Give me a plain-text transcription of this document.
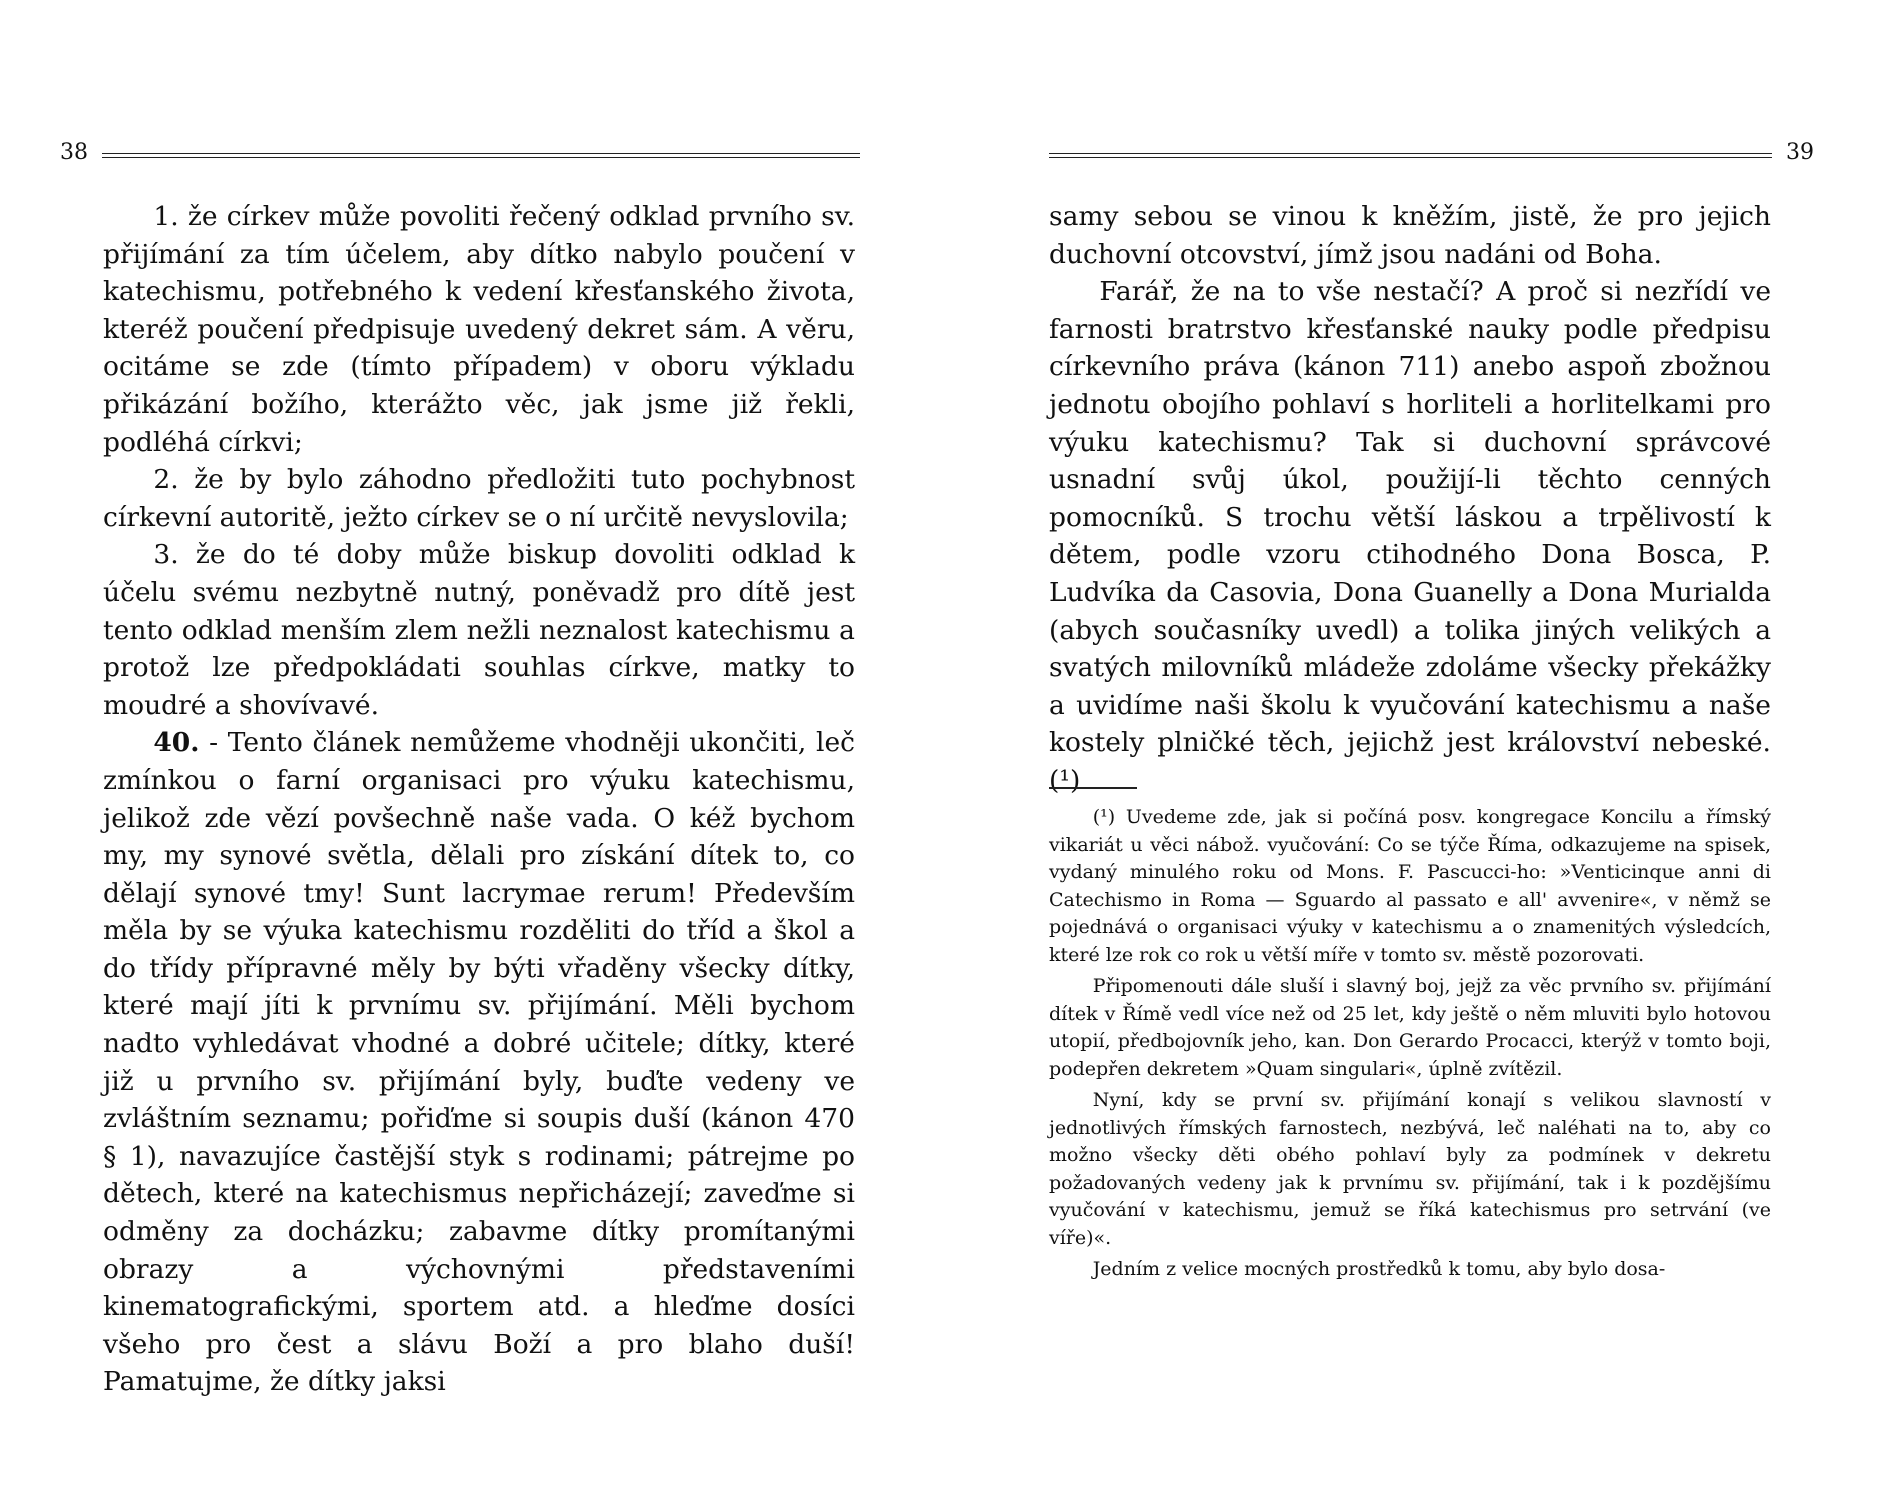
38

1. že církev může povoliti řečený odklad prvního sv. přijímání za tím účelem, aby dítko nabylo poučení v katechismu, potřebného k vedení křesťanského života, kteréž poučení předpisuje uvedený dekret sám. A věru, ocitáme se zde (tímto případem) v oboru výkladu přikázání božího, kterážto věc, jak jsme již řekli, podléhá církvi;

2. že by bylo záhodno předložiti tuto pochybnost církevní autoritě, ježto církev se o ní určitě nevyslovila;

3. že do té doby může biskup dovoliti odklad k účelu svému nezbytně nutný, poněvadž pro dítě jest tento odklad menším zlem nežli neznalost katechismu a protož lze předpokládati souhlas církve, matky to moudré a shovívavé.

40. - Tento článek nemůžeme vhodněji ukončiti, leč zmínkou o farní organisaci pro výuku katechismu, jelikož zde vězí povšechně naše vada. O kéž bychom my, my synové světla, dělali pro získání dítek to, co dělají synové tmy! Sunt lacrymae rerum! Především měla by se výuka katechismu rozděliti do tříd a škol a do třídy přípravné měly by býti vřaděny všecky dítky, které mají jíti k prvnímu sv. přijímání. Měli bychom nadto vyhledávat vhodné a dobré učitele; dítky, které již u prvního sv. přijímání byly, buďte vedeny ve zvláštním seznamu; pořiďme si soupis duší (kánon 470 § 1), navazujíce častější styk s rodinami; pátrejme po dětech, které na katechismus nepřicházejí; zaveďme si odměny za docházku; zabavme dítky promítanými obrazy a výchovnými představeními kinematografickými, sportem atd. a hleďme dosíci všeho pro čest a slávu Boží a pro blaho duší! Pamatujme, že dítky jaksi

39

samy sebou se vinou k kněžím, jistě, že pro jejich duchovní otcovství, jímž jsou nadáni od Boha.

Farář, že na to vše nestačí? A proč si nezřídí ve farnosti bratrstvo křesťanské nauky podle předpisu církevního práva (kánon 711) anebo aspoň zbožnou jednotu obojího pohlaví s horliteli a horlitelkami pro výuku katechismu? Tak si duchovní správcové usnadní svůj úkol, použijí-li těchto cenných pomocníků. S trochu větší láskou a trpělivostí k dětem, podle vzoru ctihodného Dona Bosca, P. Ludvíka da Casovia, Dona Guanelly a Dona Murialda (abych současníky uvedl) a tolika jiných velikých a svatých milovníků mládeže zdoláme všecky překážky a uvidíme naši školu k vyučování katechismu a naše kostely plničké těch, jejichž jest království nebeské.(¹)

(¹) Uvedeme zde, jak si počíná posv. kongregace Koncilu a římský vikariát u věci nábož. vyučování: Co se týče Říma, odkazujeme na spisek, vydaný minulého roku od Mons. F. Pascucci-ho: »Venticinque anni di Catechismo in Roma — Sguardo al passato e all' avvenire«, v němž se pojednává o organisaci výuky v katechismu a o znamenitých výsledcích, které lze rok co rok u větší míře v tomto sv. městě pozorovati.

Připomenouti dále sluší i slavný boj, jejž za věc prvního sv. přijímání dítek v Římě vedl více než od 25 let, kdy ještě o něm mluviti bylo hotovou utopií, předbojovník jeho, kan. Don Gerardo Procacci, kterýž v tomto boji, podepřen dekretem »Quam singulari«, úplně zvítězil.

Nyní, kdy se první sv. přijímání konají s velikou slavností v jednotlivých římských farnostech, nezbývá, leč naléhati na to, aby co možno všecky děti obého pohlaví byly za podmínek v dekretu požadovaných vedeny jak k prvnímu sv. přijímání, tak i k pozdějšímu vyučování v katechismu, jemuž se říká katechismus pro setrvání (ve víře)«.

Jedním z velice mocných prostředků k tomu, aby bylo dosa-
